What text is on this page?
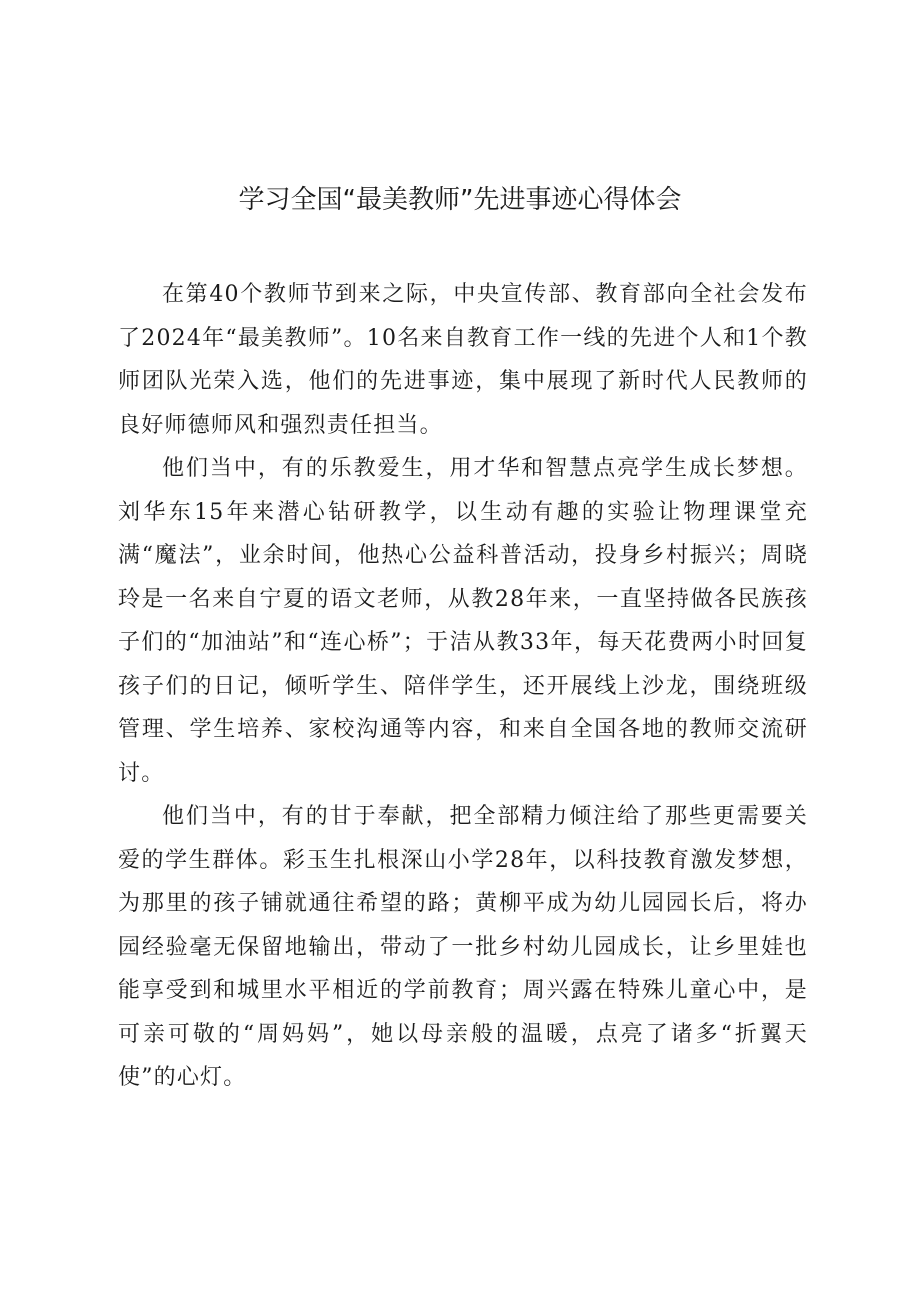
学习全国“最美教师”先进事迹心得体会

在第40个教师节到来之际，中央宣传部、教育部向全社会发布了2024年“最美教师”。10名来自教育工作一线的先进个人和1个教师团队光荣入选，他们的先进事迹，集中展现了新时代人民教师的良好师德师风和强烈责任担当。

他们当中，有的乐教爱生，用才华和智慧点亮学生成长梦想。刘华东15年来潜心钻研教学，以生动有趣的实验让物理课堂充满“魔法”，业余时间，他热心公益科普活动，投身乡村振兴；周晓玲是一名来自宁夏的语文老师，从教28年来，一直坚持做各民族孩子们的“加油站”和“连心桥”；于洁从教33年，每天花费两小时回复孩子们的日记，倾听学生、陪伴学生，还开展线上沙龙，围绕班级管理、学生培养、家校沟通等内容，和来自全国各地的教师交流研讨。

他们当中，有的甘于奉献，把全部精力倾注给了那些更需要关爱的学生群体。彩玉生扎根深山小学28年，以科技教育激发梦想，为那里的孩子铺就通往希望的路；黄柳平成为幼儿园园长后，将办园经验毫无保留地输出，带动了一批乡村幼儿园成长，让乡里娃也能享受到和城里水平相近的学前教育；周兴露在特殊儿童心中，是可亲可敬的“周妈妈”，她以母亲般的温暖，点亮了诸多“折翼天使”的心灯。
